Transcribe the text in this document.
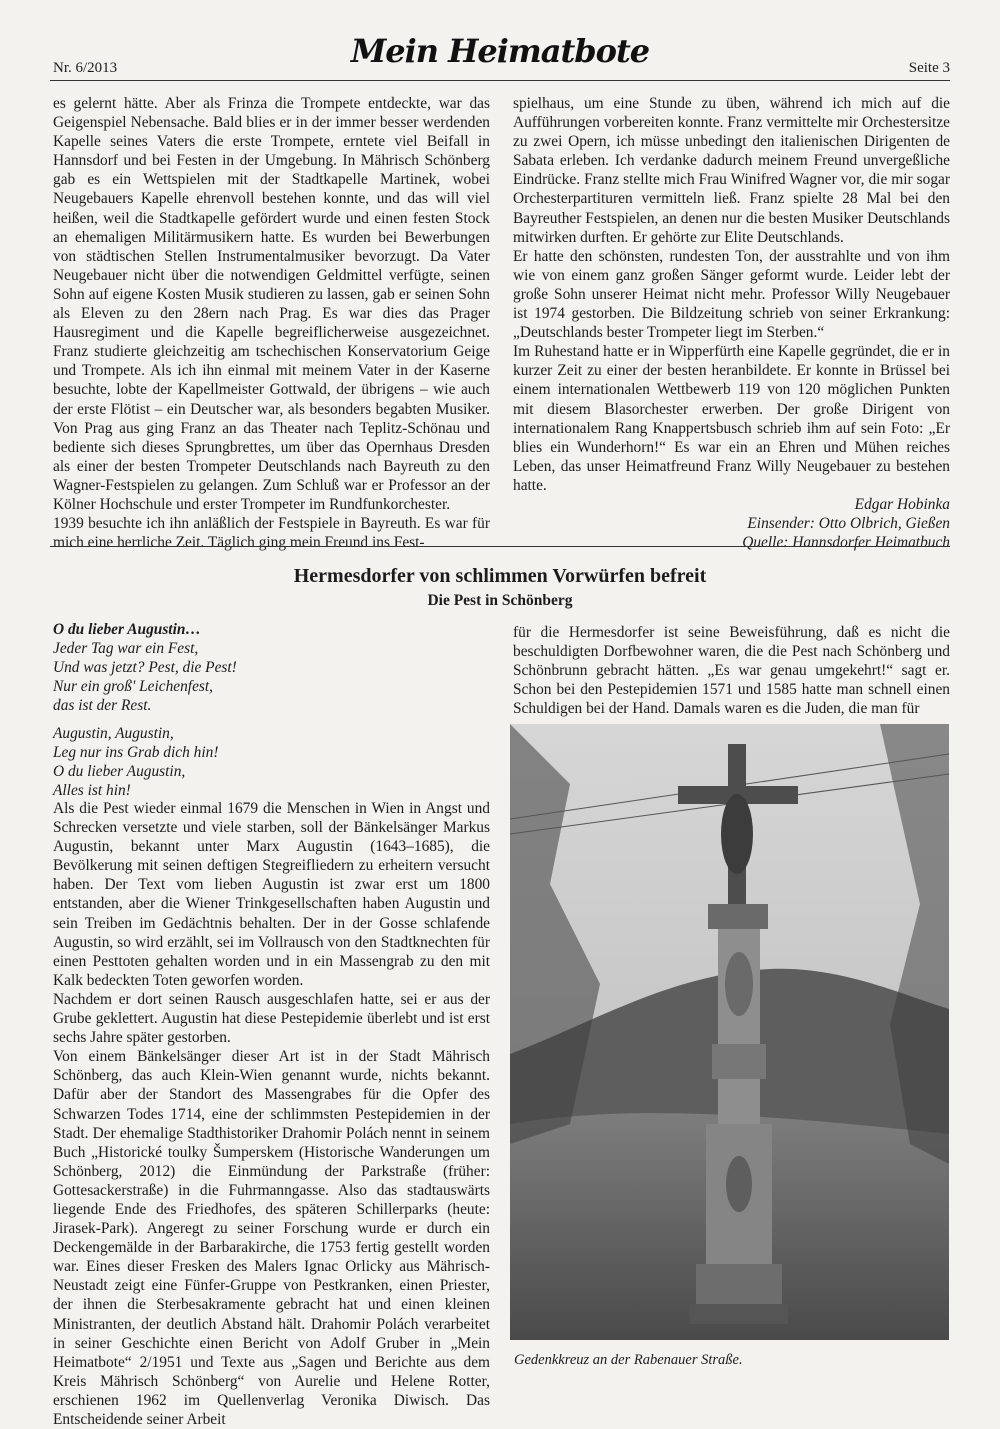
Nr. 6/2013	Mein Heimatbote	Seite 3

es gelernt hätte. Aber als Frinza die Trompete entdeckte, war das Geigenspiel Nebensache. Bald blies er in der immer besser werdenden Kapelle seines Vaters die erste Trompete, erntete viel Beifall in Hannsdorf und bei Festen in der Umgebung. In Mährisch Schönberg gab es ein Wettspielen mit der Stadtkapelle Martinek, wobei Neugebauers Kapelle ehrenvoll bestehen konnte, und das will viel heißen, weil die Stadtkapelle gefördert wurde und einen festen Stock an ehemaligen Militärmusikern hatte. Es wurden bei Bewerbungen von städtischen Stellen Instrumentalmusiker bevorzugt. Da Vater Neugebauer nicht über die notwendigen Geldmittel verfügte, seinen Sohn auf eigene Kosten Musik studieren zu lassen, gab er seinen Sohn als Eleven zu den 28ern nach Prag. Es war dies das Prager Hausregiment und die Kapelle begreiflicherweise ausgezeichnet. Franz studierte gleichzeitig am tschechischen Konservatorium Geige und Trompete. Als ich ihn einmal mit meinem Vater in der Kaserne besuchte, lobte der Kapellmeister Gottwald, der übrigens – wie auch der erste Flötist – ein Deutscher war, als besonders begabten Musiker. Von Prag aus ging Franz an das Theater nach Teplitz-Schönau und bediente sich dieses Sprungbrettes, um über das Opernhaus Dresden als einer der besten Trompeter Deutschlands nach Bayreuth zu den Wagner-Festspielen zu gelangen. Zum Schluß war er Professor an der Kölner Hochschule und erster Trompeter im Rundfunkorchester.

1939 besuchte ich ihn anläßlich der Festspiele in Bayreuth. Es war für mich eine herrliche Zeit. Täglich ging mein Freund ins Fest-

spielhaus, um eine Stunde zu üben, während ich mich auf die Aufführungen vorbereiten konnte. Franz vermittelte mir Orchestersitze zu zwei Opern, ich müsse unbedingt den italienischen Dirigenten de Sabata erleben. Ich verdanke dadurch meinem Freund unvergeßliche Eindrücke. Franz stellte mich Frau Winifred Wagner vor, die mir sogar Orchesterpartituren vermitteln ließ. Franz spielte 28 Mal bei den Bayreuther Festspielen, an denen nur die besten Musiker Deutschlands mitwirken durften. Er gehörte zur Elite Deutschlands.

Er hatte den schönsten, rundesten Ton, der ausstrahlte und von ihm wie von einem ganz großen Sänger geformt wurde. Leider lebt der große Sohn unserer Heimat nicht mehr. Professor Willy Neugebauer ist 1974 gestorben. Die Bildzeitung schrieb von seiner Erkrankung: „Deutschlands bester Trompeter liegt im Sterben.“

Im Ruhestand hatte er in Wipperfürth eine Kapelle gegründet, die er in kurzer Zeit zu einer der besten heranbildete. Er konnte in Brüssel bei einem internationalen Wettbewerb 119 von 120 möglichen Punkten mit diesem Blasorchester erwerben. Der große Dirigent von internationalem Rang Knappertsbusch schrieb ihm auf sein Foto: „Er blies ein Wunderhorn!“ Es war ein an Ehren und Mühen reiches Leben, das unser Heimatfreund Franz Willy Neugebauer zu bestehen hatte.

Edgar Hobinka

Einsender: Otto Olbrich, Gießen

Quelle: Hannsdorfer Heimatbuch

Hermesdorfer von schlimmen Vorwürfen befreit
Die Pest in Schönberg
O du lieber Augustin…
Jeder Tag war ein Fest,
Und was jetzt? Pest, die Pest!
Nur ein groß' Leichenfest,
das ist der Rest.
Augustin, Augustin,
Leg nur ins Grab dich hin!
O du lieber Augustin,
Alles ist hin!

Als die Pest wieder einmal 1679 die Menschen in Wien in Angst und Schrecken versetzte und viele starben, soll der Bänkelsänger Markus Augustin, bekannt unter Marx Augustin (1643–1685), die Bevölkerung mit seinen deftigen Stegreifliedern zu erheitern versucht haben. Der Text vom lieben Augustin ist zwar erst um 1800 entstanden, aber die Wiener Trinkgesellschaften haben Augustin und sein Treiben im Gedächtnis behalten. Der in der Gosse schlafende Augustin, so wird erzählt, sei im Vollrausch von den Stadtknechten für einen Pesttoten gehalten worden und in ein Massengrab zu den mit Kalk bedeckten Toten geworfen worden.

Nachdem er dort seinen Rausch ausgeschlafen hatte, sei er aus der Grube geklettert. Augustin hat diese Pestepidemie überlebt und ist erst sechs Jahre später gestorben.

Von einem Bänkelsänger dieser Art ist in der Stadt Mährisch Schönberg, das auch Klein-Wien genannt wurde, nichts bekannt. Dafür aber der Standort des Massengrabes für die Opfer des Schwarzen Todes 1714, eine der schlimmsten Pestepidemien in der Stadt. Der ehemalige Stadthistoriker Drahomir Polách nennt in seinem Buch „Historické toulky Šumperskem (Historische Wanderungen um Schönberg, 2012) die Einmündung der Parkstraße (früher: Gottesackerstraße) in die Fuhrmanngasse. Also das stadtauswärts liegende Ende des Friedhofes, des späteren Schillerparks (heute: Jirasek-Park). Angeregt zu seiner Forschung wurde er durch ein Deckengemälde in der Barbarakirche, die 1753 fertig gestellt worden war. Eines dieser Fresken des Malers Ignac Orlicky aus Mährisch-Neustadt zeigt eine Fünfer-Gruppe von Pestkranken, einen Priester, der ihnen die Sterbesakramente gebracht hat und einen kleinen Ministranten, der deutlich Abstand hält. Drahomir Polách verarbeitet in seiner Geschichte einen Bericht von Adolf Gruber in „Mein Heimatbote“ 2/1951 und Texte aus „Sagen und Berichte aus dem Kreis Mährisch Schönberg“ von Aurelie und Helene Rotter, erschienen 1962 im Quellenverlag Veronika Diwisch. Das Entscheidende seiner Arbeit

für die Hermesdorfer ist seine Beweisführung, daß es nicht die beschuldigten Dorfbewohner waren, die die Pest nach Schönberg und Schönbrunn gebracht hätten. „Es war genau umgekehrt!“ sagt er. Schon bei den Pestepidemien 1571 und 1585 hatte man schnell einen Schuldigen bei der Hand. Damals waren es die Juden, die man für

Gedenkkreuz an der Rabenauer Straße.
